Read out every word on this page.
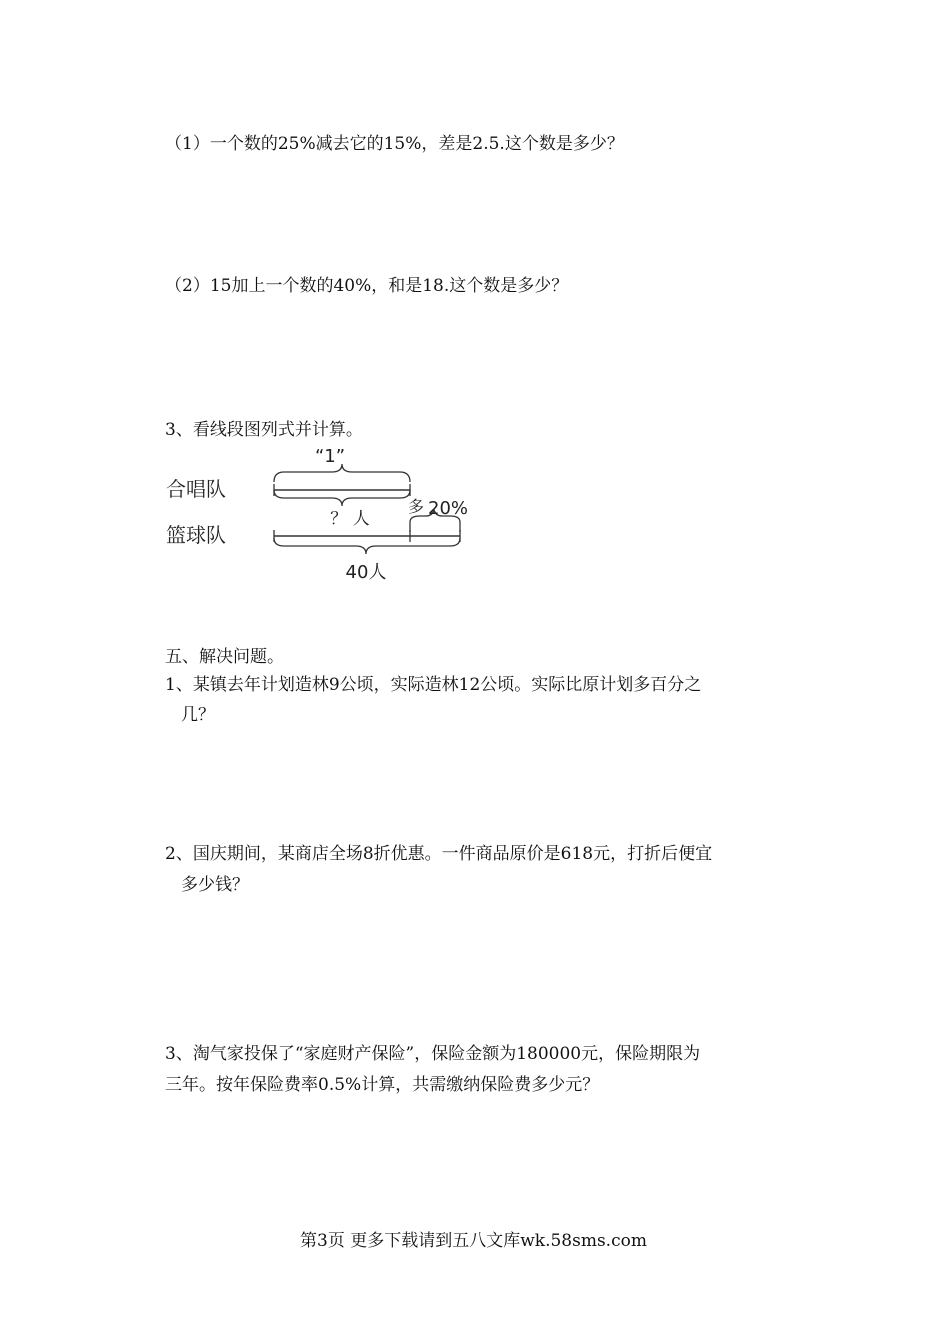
（1）一个数的25%减去它的15%，差是2.5.这个数是多少？
（2）15加上一个数的40%，和是18.这个数是多少？
3、看线段图列式并计算。
“1”
合唱队
篮球队
？ 人
多 20%
40人
五、解决问题。
1、某镇去年计划造林9公顷，实际造林12公顷。实际比原计划多百分之
几？
2、国庆期间，某商店全场8折优惠。一件商品原价是618元，打折后便宜
多少钱？
3、淘气家投保了“家庭财产保险”，保险金额为180000元，保险期限为
三年。按年保险费率0.5%计算，共需缴纳保险费多少元？
第3页 更多下载请到五八文库wk.58sms.com
